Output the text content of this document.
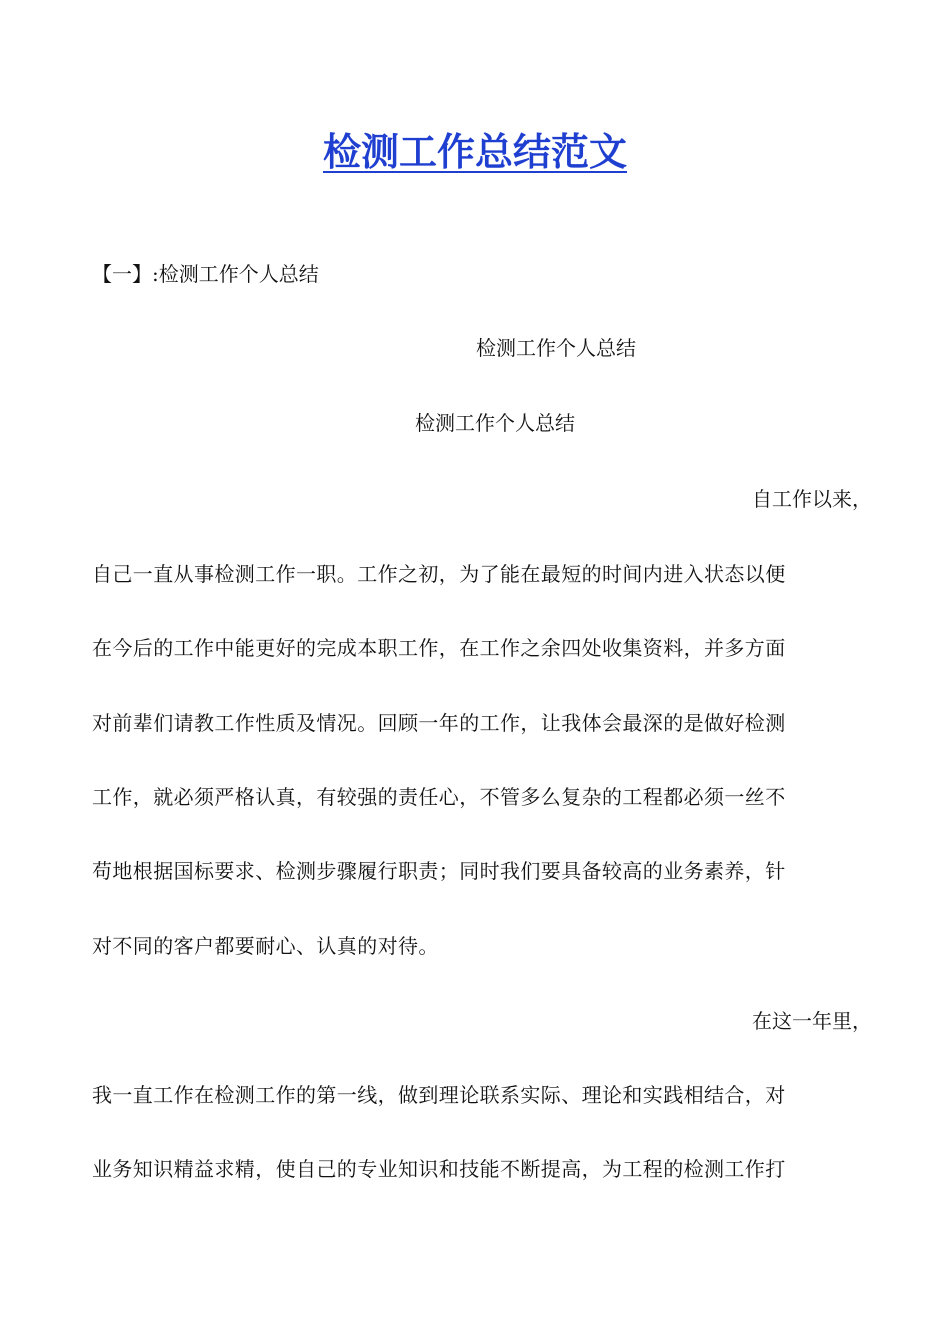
检测工作总结范文
【一】:检测工作个人总结
检测工作个人总结
检测工作个人总结
自工作以来，
自己一直从事检测工作一职。工作之初，为了能在最短的时间内进入状态以便
在今后的工作中能更好的完成本职工作，在工作之余四处收集资料，并多方面
对前辈们请教工作性质及情况。回顾一年的工作，让我体会最深的是做好检测
工作，就必须严格认真，有较强的责任心，不管多么复杂的工程都必须一丝不
苟地根据国标要求、检测步骤履行职责；同时我们要具备较高的业务素养，针
对不同的客户都要耐心、认真的对待。
在这一年里，
我一直工作在检测工作的第一线，做到理论联系实际、理论和实践相结合，对
业务知识精益求精，使自己的专业知识和技能不断提高，为工程的检测工作打
